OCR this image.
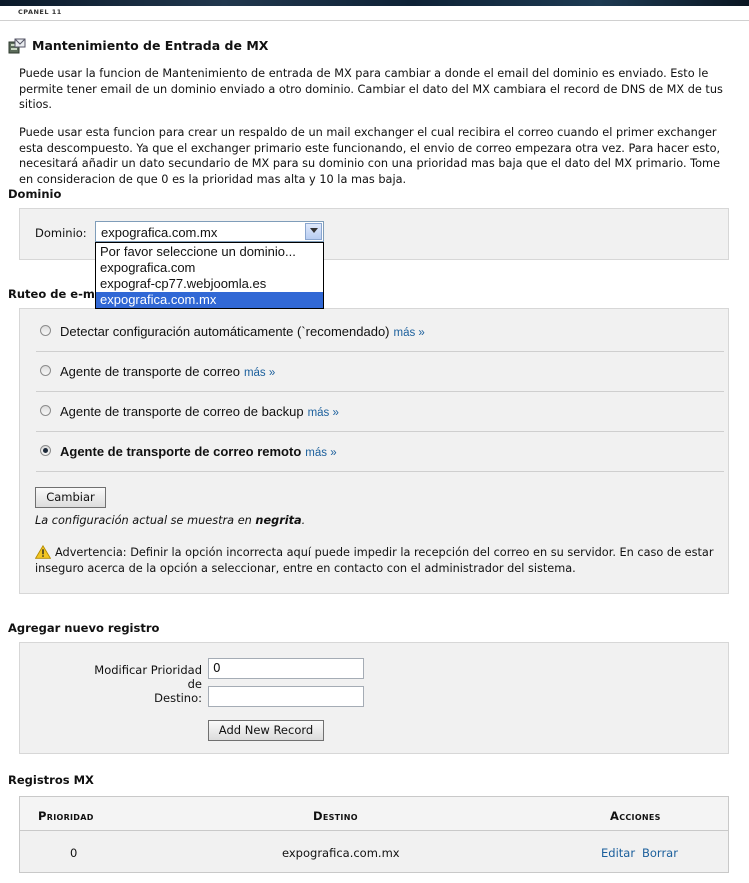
CPANEL 11
Mantenimiento de Entrada de MX

Puede usar la funcion de Mantenimiento de entrada de MX para cambiar a donde el email del dominio es enviado. Esto le permite tener email de un dominio enviado a otro dominio. Cambiar el dato del MX cambiara el record de DNS de MX de tus sitios.

Puede usar esta funcion para crear un respaldo de un mail exchanger el cual recibira el correo cuando el primer exchanger esta descompuesto. Ya que el exchanger primario este funcionando, el envio de correo empezara otra vez. Para hacer esto, necesitará añadir un dato secundario de MX para su dominio con una prioridad mas baja que el dato del MX primario. Tome en consideracion de que 0 es la prioridad mas alta y 10 la mas baja.

Dominio
Dominio: expografica.com.mx
Por favor seleccione un dominio...
expografica.com
expograf-cp77.webjoomla.es
expografica.com.mx
Ruteo de e-m
Detectar configuración automáticamente (`recomendado) más »
Agente de transporte de correo más »
Agente de transporte de correo de backup más »
Agente de transporte de correo remoto más »
Cambiar
La configuración actual se muestra en negrita.
Advertencia: Definir la opción incorrecta aquí puede impedir la recepción del correo en su servidor. En caso de estar inseguro acerca de la opción a seleccionar, entre en contacto con el administrador del sistema.
Agregar nuevo registro
Modificar Prioridad de
0
Destino:
Add New Record
Registros MX
Prioridad	Destino	Acciones
0	expografica.com.mx	Editar Borrar
